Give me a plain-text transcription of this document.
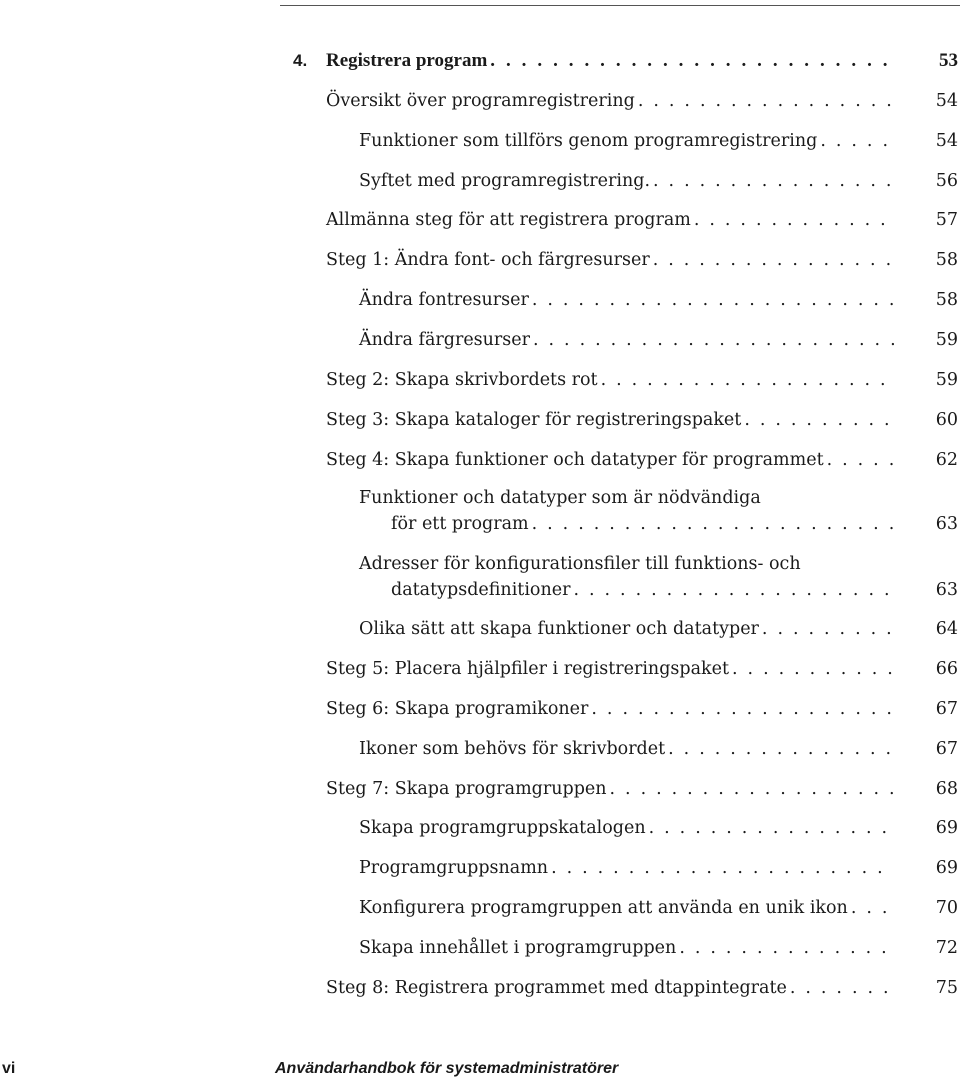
4. Registrera program . . .	53
Översikt över programregistrering . . .	54
Funktioner som tillförs genom programregistrering . . .	54
Syftet med programregistrering. . . .	56
Allmänna steg för att registrera program . . .	57
Steg 1: Ändra font- och färgresurser . . .	58
Ändra fontresurser . . .	58
Ändra färgresurser . . .	59
Steg 2: Skapa skrivbordets rot . . .	59
Steg 3: Skapa kataloger för registreringspaket . . .	60
Steg 4: Skapa funktioner och datatyper för programmet . . .	62
Funktioner och datatyper som är nödvändiga
för ett program . . .	63
Adresser för konfigurationsfiler till funktions- och
datatypsdefinitioner . . .	63
Olika sätt att skapa funktioner och datatyper . . .	64
Steg 5: Placera hjälpfiler i registreringspaket . . .	66
Steg 6: Skapa programikoner . . .	67
Ikoner som behövs för skrivbordet . . .	67
Steg 7: Skapa programgruppen . . .	68
Skapa programgruppskatalogen . . .	69
Programgruppsnamn . . .	69
Konfigurera programgruppen att använda en unik ikon . . .	70
Skapa innehållet i programgruppen . . .	72
Steg 8: Registrera programmet med dtappintegrate . . .	75
vi	Användarhandbok för systemadministratörer
